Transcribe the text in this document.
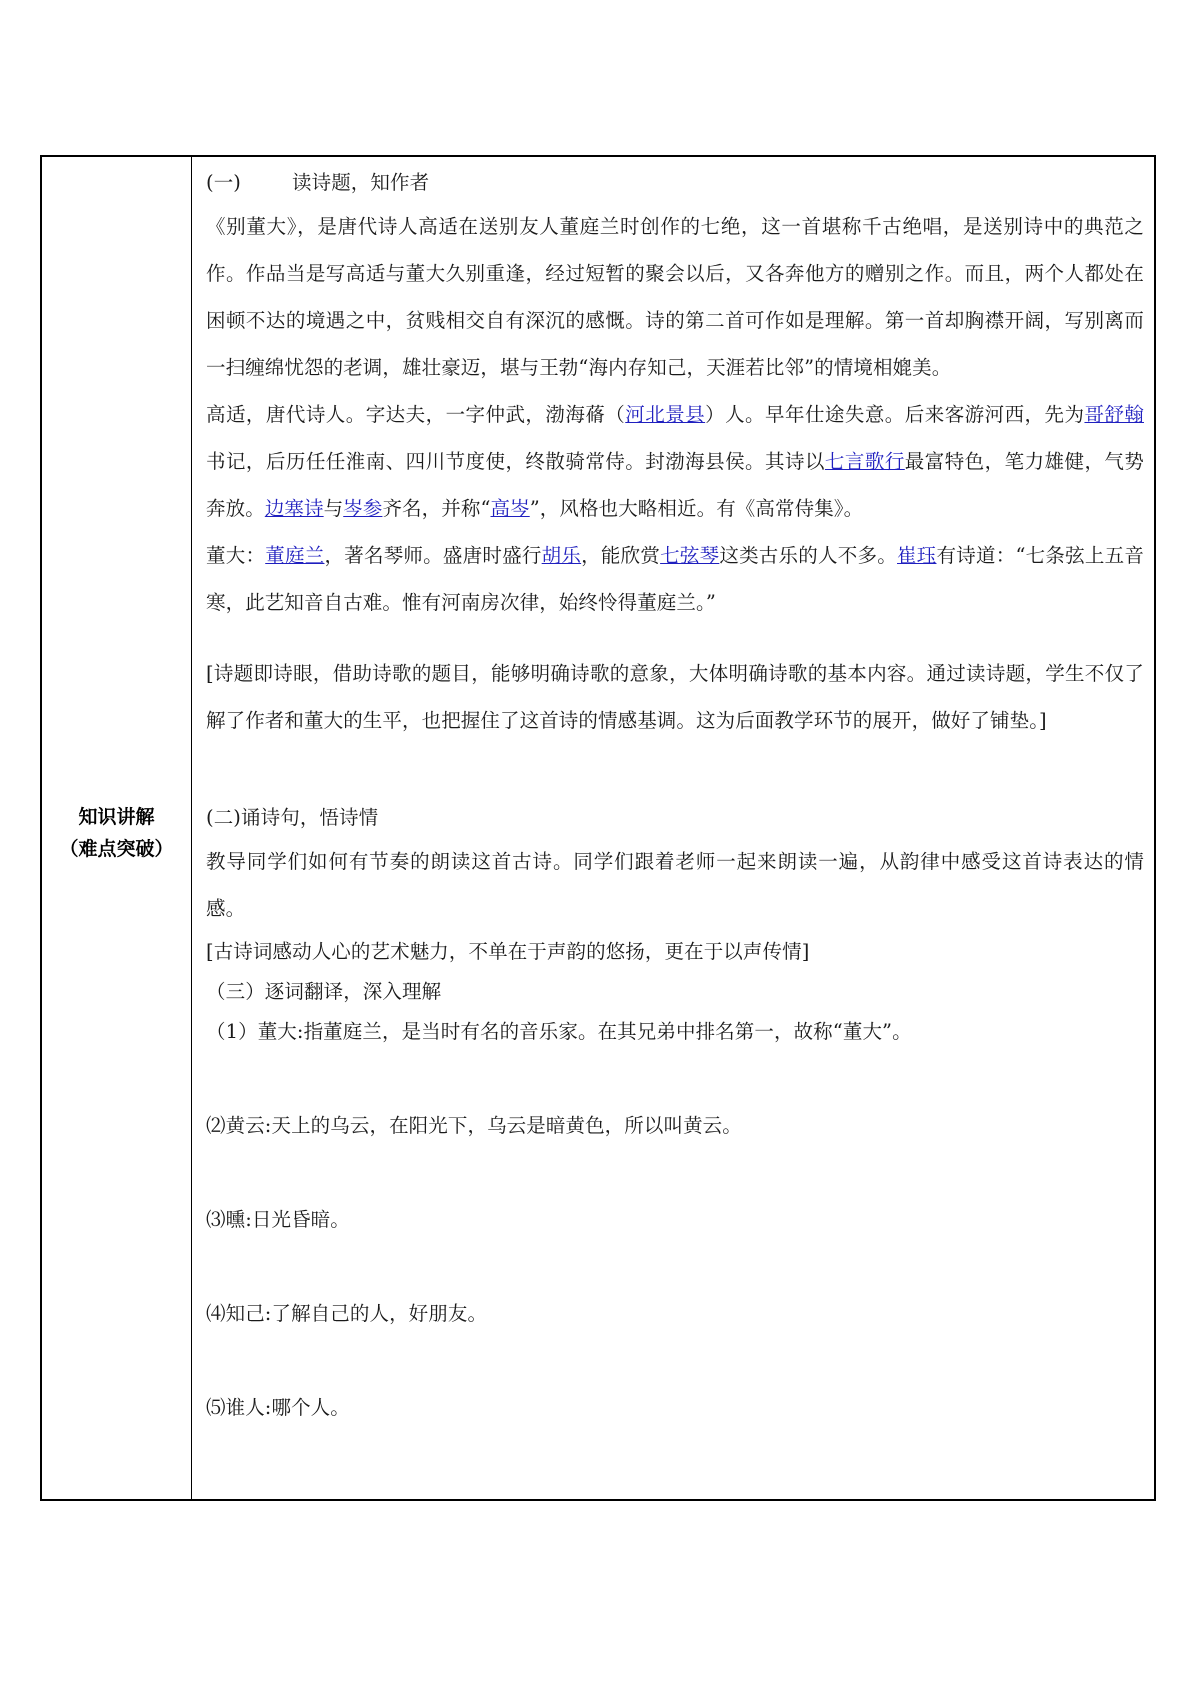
知识讲解
（难点突破）
(一)	读诗题，知作者
《别董大》，是唐代诗人高适在送别友人董庭兰时创作的七绝，这一首堪称千古绝唱，是送别诗中的典范之作。作品当是写高适与董大久别重逢，经过短暂的聚会以后，又各奔他方的赠别之作。而且，两个人都处在困顿不达的境遇之中，贫贱相交自有深沉的感慨。诗的第二首可作如是理解。第一首却胸襟开阔，写别离而一扫缠绵忧怨的老调，雄壮豪迈，堪与王勃“海内存知己，天涯若比邻”的情境相媲美。
高适，唐代诗人。字达夫，一字仲武，渤海蓨（河北景县）人。早年仕途失意。后来客游河西，先为哥舒翰书记，后历任任淮南、四川节度使，终散骑常侍。封渤海县侯。其诗以七言歌行最富特色，笔力雄健，气势奔放。边塞诗与岑参齐名，并称“高岑”，风格也大略相近。有《高常侍集》。
董大：董庭兰，著名琴师。盛唐时盛行胡乐，能欣赏七弦琴这类古乐的人不多。崔珏有诗道：“七条弦上五音寒，此艺知音自古难。惟有河南房次律，始终怜得董庭兰。”
[诗题即诗眼，借助诗歌的题目，能够明确诗歌的意象，大体明确诗歌的基本内容。通过读诗题，学生不仅了解了作者和董大的生平，也把握住了这首诗的情感基调。这为后面教学环节的展开，做好了铺垫。]
(二)诵诗句，悟诗情
教导同学们如何有节奏的朗读这首古诗。同学们跟着老师一起来朗读一遍，从韵律中感受这首诗表达的情感。
[古诗词感动人心的艺术魅力，不单在于声韵的悠扬，更在于以声传情]
（三）逐词翻译，深入理解
（1）董大:指董庭兰，是当时有名的音乐家。在其兄弟中排名第一，故称“董大”。
⑵黄云:天上的乌云，在阳光下，乌云是暗黄色，所以叫黄云。
⑶曛:日光昏暗。
⑷知己:了解自己的人，好朋友。
⑸谁人:哪个人。
